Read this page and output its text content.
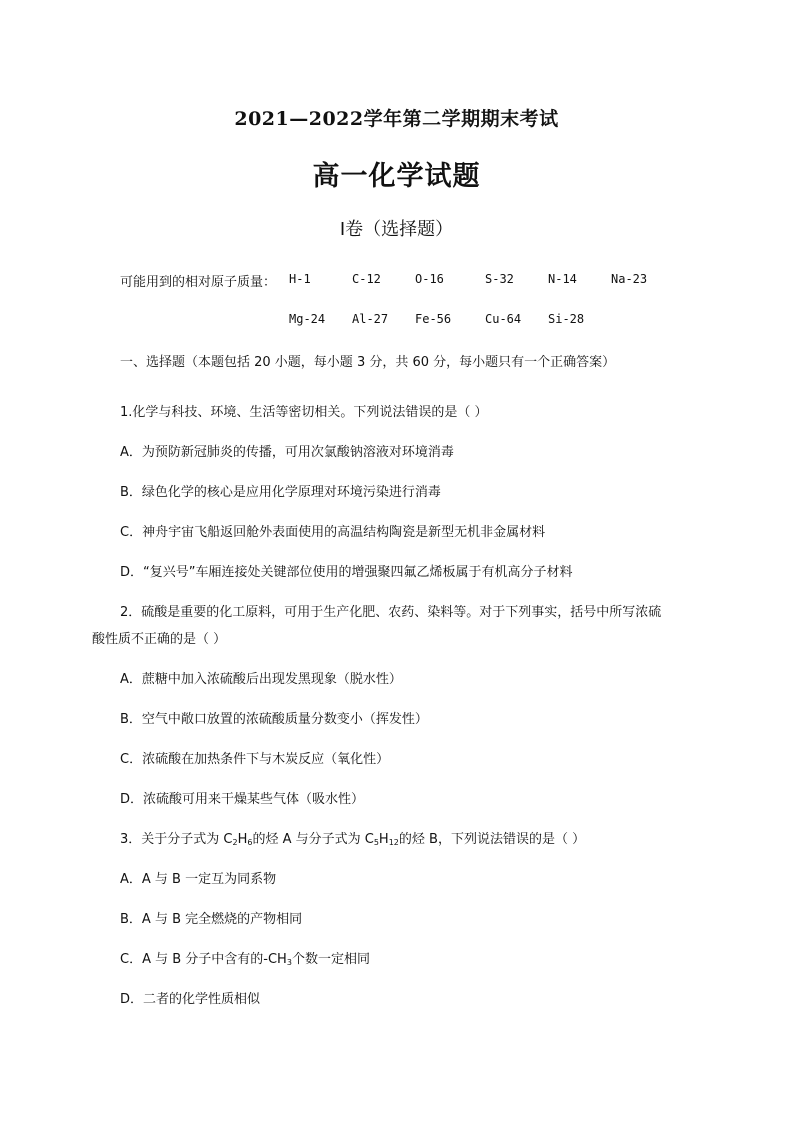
2021—2022学年第二学期期末考试
高一化学试题
I卷（选择题）
可能用到的相对原子质量： H-1	C-12	O-16	S-32	N-14	Na-23
Mg-24 Al-27 Fe-56	Cu-64 Si-28
一、选择题（本题包括 20 小题，每小题 3 分，共 60 分，每小题只有一个正确答案）
1.化学与科技、环境、生活等密切相关。下列说法错误的是（ ）
A．为预防新冠肺炎的传播，可用次氯酸钠溶液对环境消毒
B．绿色化学的核心是应用化学原理对环境污染进行消毒
C．神舟宇宙飞船返回舱外表面使用的高温结构陶瓷是新型无机非金属材料
D．“复兴号”车厢连接处关键部位使用的增强聚四氟乙烯板属于有机高分子材料
2．硫酸是重要的化工原料，可用于生产化肥、农药、染料等。对于下列事实，括号中所写浓硫
酸性质不正确的是（ ）
A．蔗糖中加入浓硫酸后出现发黑现象（脱水性）
B．空气中敞口放置的浓硫酸质量分数变小（挥发性）
C．浓硫酸在加热条件下与木炭反应（氧化性）
D．浓硫酸可用来干燥某些气体（吸水性）
3．关于分子式为 $C_2H_6$的烃 A 与分子式为 $C_5H_{12}$的烃 B，下列说法错误的是（ ）
A．A 与 B 一定互为同系物
B．A 与 B 完全燃烧的产物相同
C．A 与 B 分子中含有的$-CH_3$个数一定相同
D．二者的化学性质相似
